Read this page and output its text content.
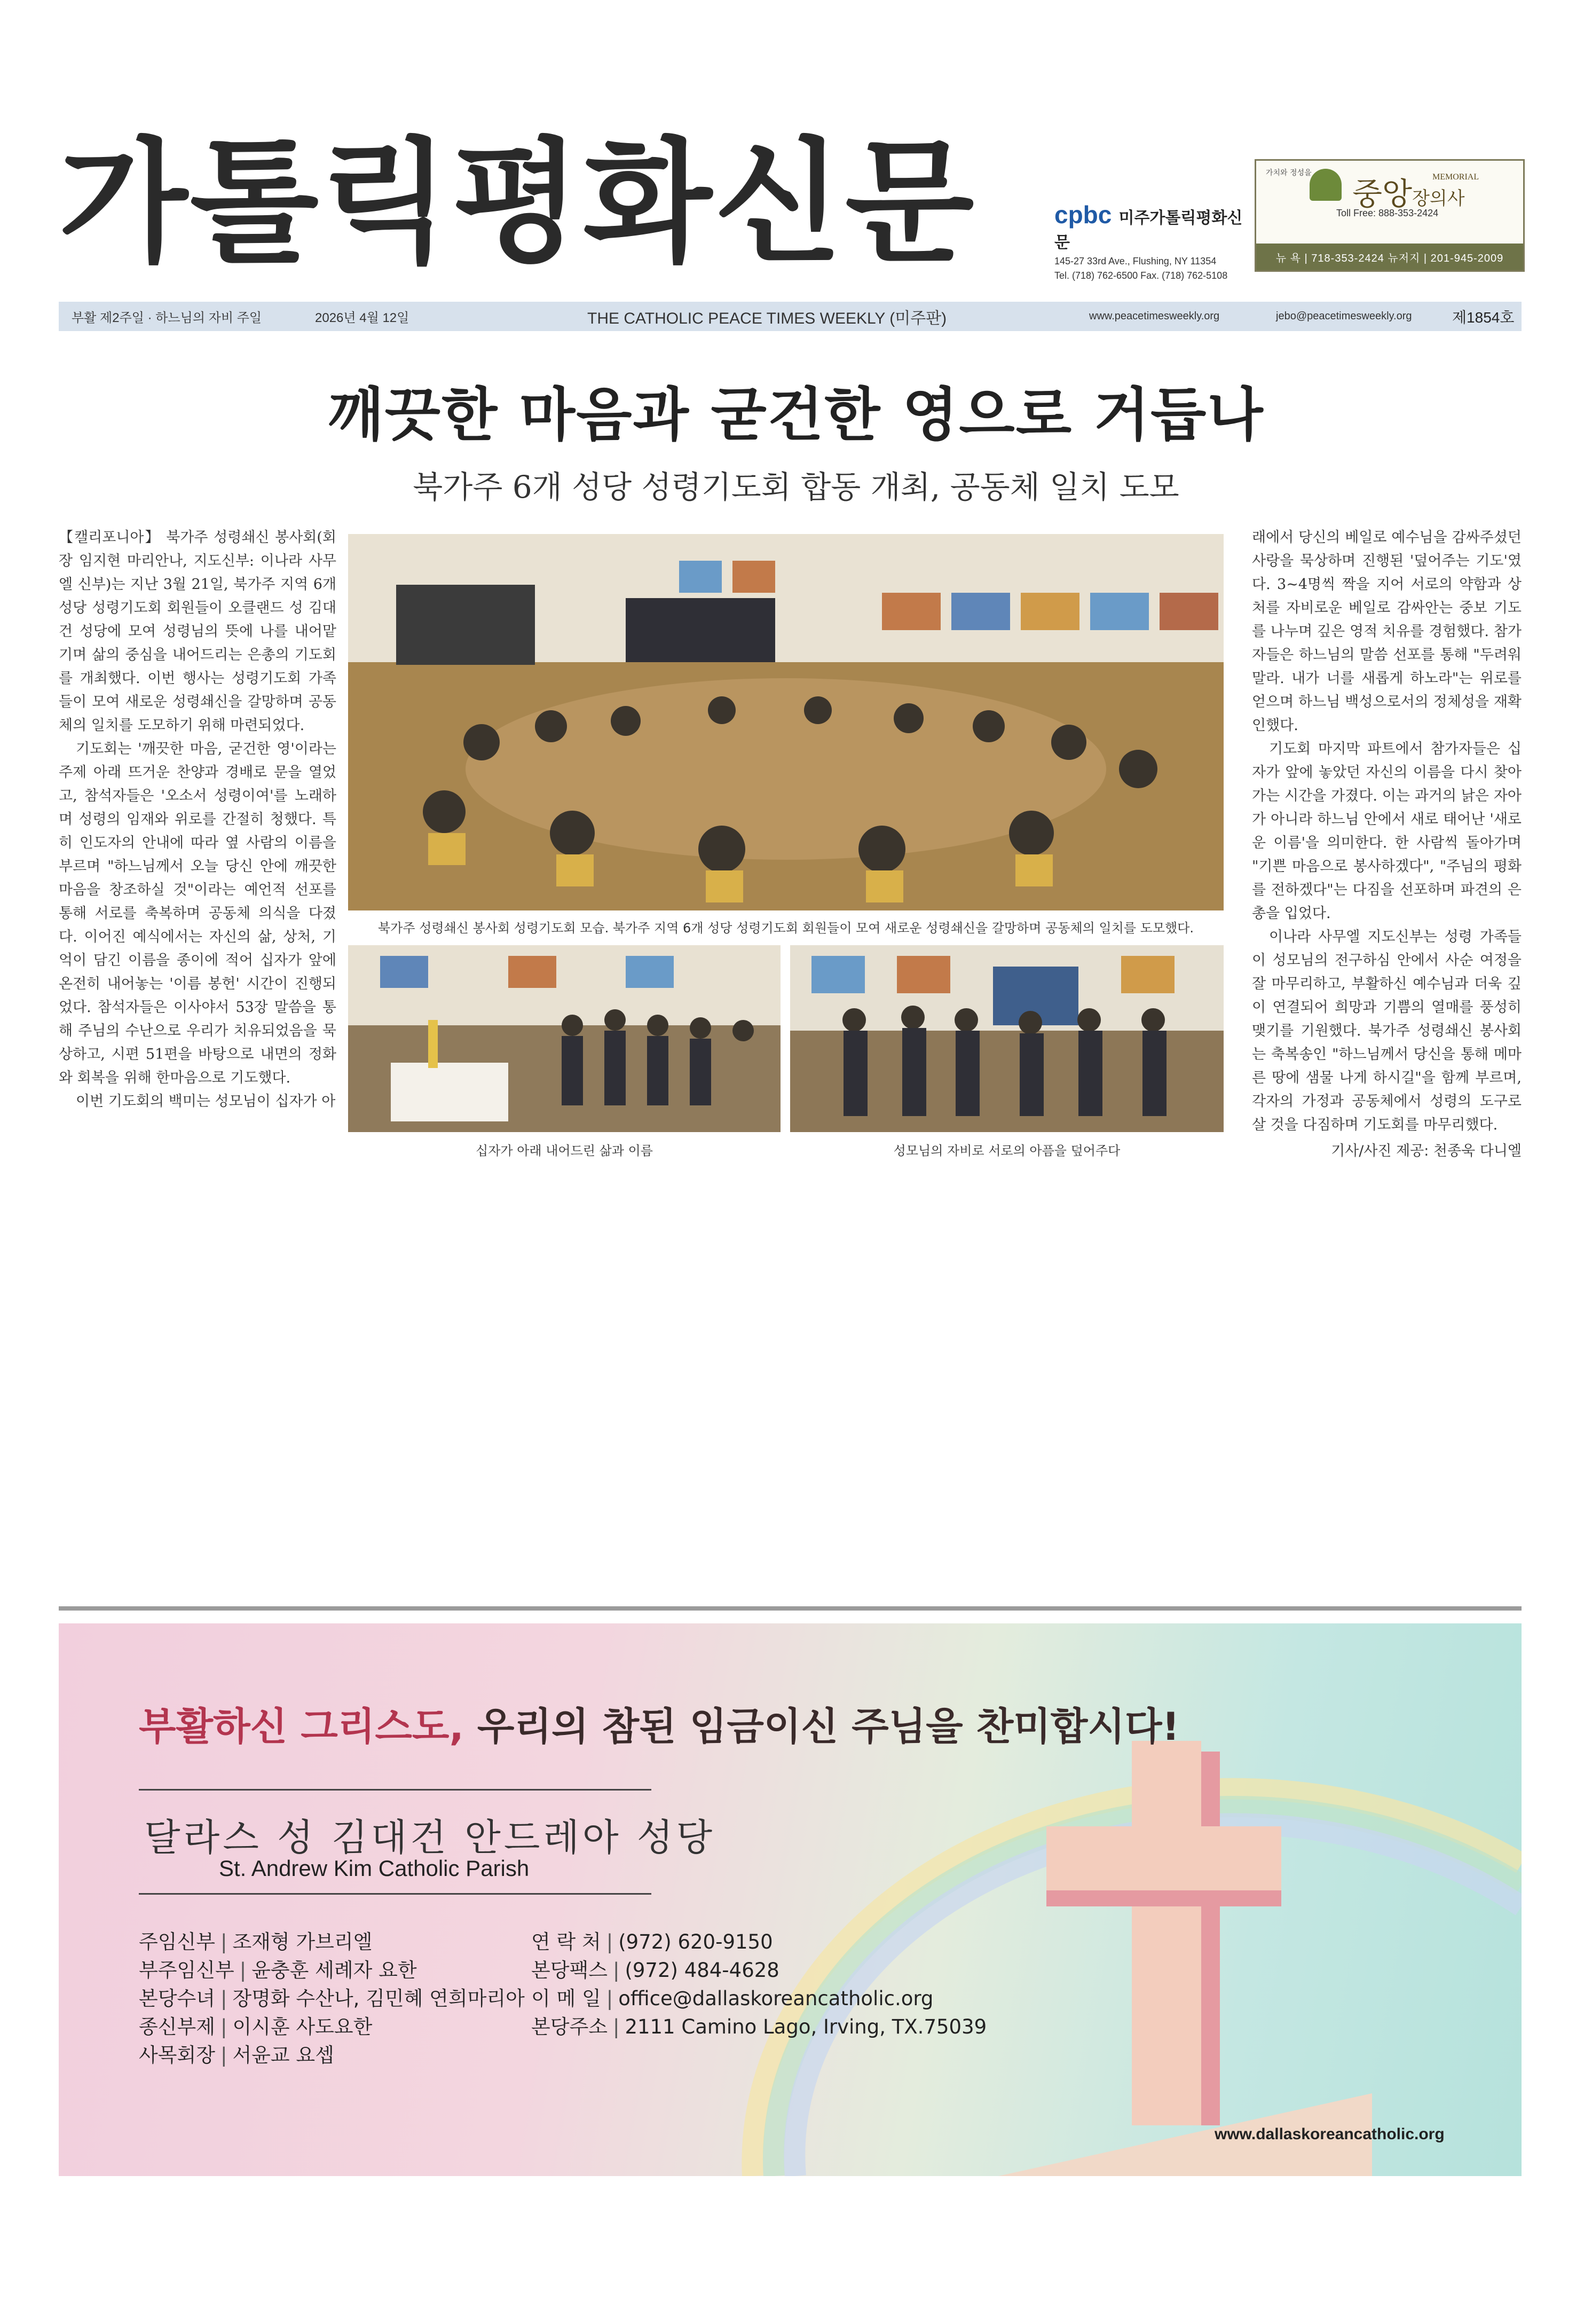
가톨릭평화신문	cpbc 미주가톨릭평화신문
145-27 33rd Ave., Flushing, NY 11354
Tel. (718) 762-6500 Fax. (718) 762-5108
가치와 정성을
중앙장의사
MEMORIAL
Toll Free: 888-353-2424
뉴 욕 | 718-353-2424 뉴저지 | 201-945-2009
부활 제2주일 · 하느님의 자비 주일	2026년 4월 12일	THE CATHOLIC PEACE TIMES WEEKLY (미주판)	www.peacetimesweekly.org	jebo@peacetimesweekly.org	제1854호
깨끗한 마음과 굳건한 영으로 거듭나
북가주 6개 성당 성령기도회 합동 개최, 공동체 일치 도모

【캘리포니아】 북가주 성령쇄신 봉사회(회장 임지현 마리안나, 지도신부: 이나라 사무엘 신부)는 지난 3월 21일, 북가주 지역 6개 성당 성령기도회 회원들이 오클랜드 성 김대건 성당에 모여 성령님의 뜻에 나를 내어맡기며 삶의 중심을 내어드리는 은총의 기도회를 개최했다. 이번 행사는 성령기도회 가족들이 모여 새로운 성령쇄신을 갈망하며 공동체의 일치를 도모하기 위해 마련되었다.

기도회는 '깨끗한 마음, 굳건한 영'이라는 주제 아래 뜨거운 찬양과 경배로 문을 열었고, 참석자들은 '오소서 성령이여'를 노래하며 성령의 임재와 위로를 간절히 청했다. 특히 인도자의 안내에 따라 옆 사람의 이름을 부르며 "하느님께서 오늘 당신 안에 깨끗한 마음을 창조하실 것"이라는 예언적 선포를 통해 서로를 축복하며 공동체 의식을 다졌다. 이어진 예식에서는 자신의 삶, 상처, 기억이 담긴 이름을 종이에 적어 십자가 앞에 온전히 내어놓는 '이름 봉헌' 시간이 진행되었다. 참석자들은 이사야서 53장 말씀을 통해 주님의 수난으로 우리가 치유되었음을 묵상하고, 시편 51편을 바탕으로 내면의 정화와 회복을 위해 한마음으로 기도했다.

이번 기도회의 백미는 성모님이 십자가 아

북가주 성령쇄신 봉사회 성령기도회 모습. 북가주 지역 6개 성당 성령기도회 회원들이 모여 새로운 성령쇄신을 갈망하며 공동체의 일치를 도모했다.
십자가 아래 내어드린 삶과 이름	성모님의 자비로 서로의 아픔을 덮어주다

래에서 당신의 베일로 예수님을 감싸주셨던 사랑을 묵상하며 진행된 '덮어주는 기도'였다. 3~4명씩 짝을 지어 서로의 약함과 상처를 자비로운 베일로 감싸안는 중보 기도를 나누며 깊은 영적 치유를 경험했다. 참가자들은 하느님의 말씀 선포를 통해 "두려워 말라. 내가 너를 새롭게 하노라"는 위로를 얻으며 하느님 백성으로서의 정체성을 재확인했다.

기도회 마지막 파트에서 참가자들은 십자가 앞에 놓았던 자신의 이름을 다시 찾아가는 시간을 가졌다. 이는 과거의 낡은 자아가 아니라 하느님 안에서 새로 태어난 '새로운 이름'을 의미한다. 한 사람씩 돌아가며 "기쁜 마음으로 봉사하겠다", "주님의 평화를 전하겠다"는 다짐을 선포하며 파견의 은총을 입었다.

이나라 사무엘 지도신부는 성령 가족들이 성모님의 전구하심 안에서 사순 여정을 잘 마무리하고, 부활하신 예수님과 더욱 깊이 연결되어 희망과 기쁨의 열매를 풍성히 맺기를 기원했다. 북가주 성령쇄신 봉사회는 축복송인 "하느님께서 당신을 통해 메마른 땅에 샘물 나게 하시길"을 함께 부르며, 각자의 가정과 공동체에서 성령의 도구로 살 것을 다짐하며 기도회를 마무리했다.

기사/사진 제공: 천종욱 다니엘
부활하신 그리스도, 우리의 참된 임금이신 주님을 찬미합시다!
달라스 성 김대건 안드레아 성당
St. Andrew Kim Catholic Parish
주임신부 | 조재형 가브리엘
부주임신부 | 윤충훈 세례자 요한
본당수녀 | 장명화 수산나, 김민혜 연희마리아
종신부제 | 이시훈 사도요한
사목회장 | 서윤교 요셉
연 락 처 | (972) 620-9150
본당팩스 | (972) 484-4628
이 메 일 | office@dallaskoreancatholic.org
본당주소 | 2111 Camino Lago, Irving, TX.75039
www.dallaskoreancatholic.org
